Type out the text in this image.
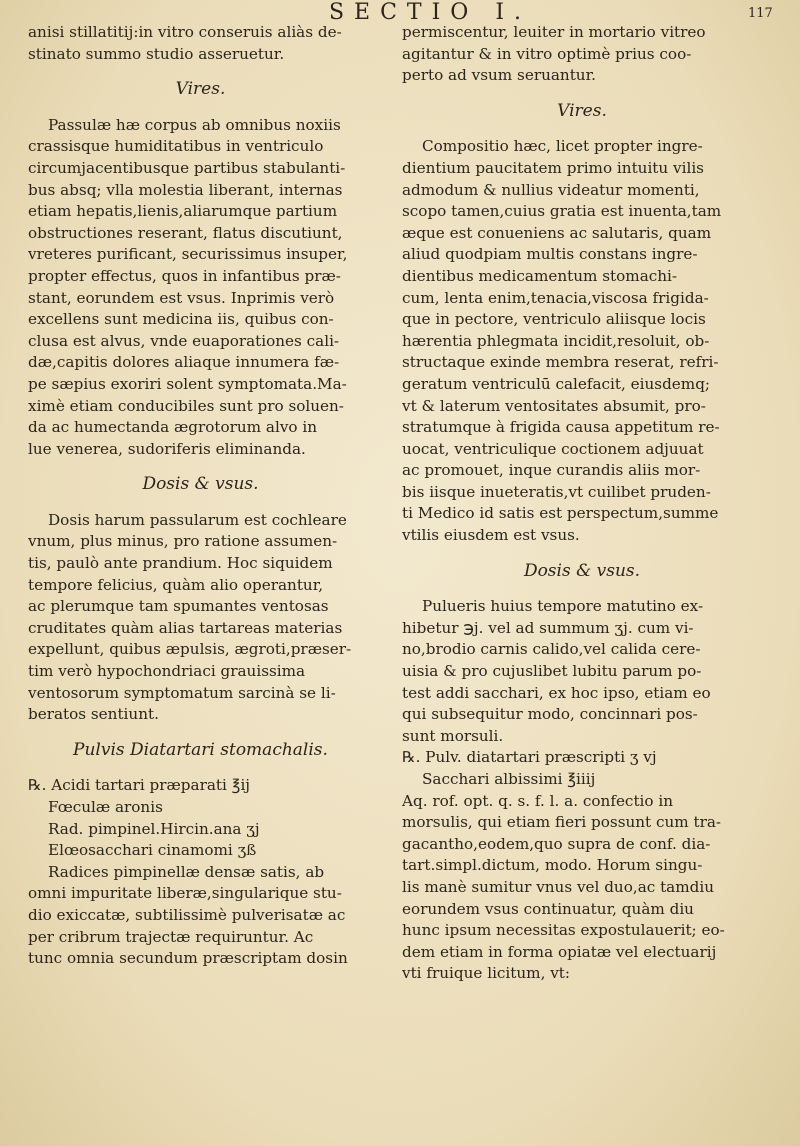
SECTIO I.	117
anisi stillatitij:in vitro conseruis aliàs de-
stinato summo studio asseruetur.
Vires.
Passulæ hæ corpus ab omnibus noxiis
crassisque humiditatibus in ventriculo
circumjacentibusque partibus stabulanti-
bus absq; vlla molestia liberant, internas
etiam hepatis,lienis,aliarumque partium
obstructiones reserant, flatus discutiunt,
vreteres purificant, securissimus insuper,
propter effectus, quos in infantibus præ-
stant, eorundem est vsus. Inprimis verò
excellens sunt medicina iis, quibus con-
clusa est alvus, vnde euaporationes cali-
dæ,capitis dolores aliaque innumera fæ-
pe sæpius exoriri solent symptomata.Ma-
ximè etiam conducibiles sunt pro soluen-
da ac humectanda ægrotorum alvo in
lue venerea, sudoriferis eliminanda.
Dosis & vsus.
Dosis harum passularum est cochleare
vnum, plus minus, pro ratione assumen-
tis, paulò ante prandium. Hoc siquidem
tempore felicius, quàm alio operantur,
ac plerumque tam spumantes ventosas
cruditates quàm alias tartareas materias
expellunt, quibus æpulsis, ægroti,præser-
tim verò hypochondriaci grauissima
ventosorum symptomatum sarcinà se li-
beratos sentiunt.
Pulvis Diatartari stomachalis.
℞. Acidi tartari præparati ℥ij
Fœculæ aronis
Rad. pimpinel.Hircin.ana ʒj
Elœosacchari cinamomi ʒß
Radices pimpinellæ densæ satis, ab
omni impuritate liberæ,singularique stu-
dio exiccatæ, subtilissimè pulverisatæ ac
per cribrum trajectæ requiruntur. Ac
tunc omnia secundum præscriptam dosin
permiscentur, leuiter in mortario vitreo
agitantur & in vitro optimè prius coo-
perto ad vsum seruantur.
Vires.
Compositio hæc, licet propter ingre-
dientium paucitatem primo intuitu vilis
admodum & nullius videatur momenti,
scopo tamen,cuius gratia est inuenta,tam
æque est conueniens ac salutaris, quam
aliud quodpiam multis constans ingre-
dientibus medicamentum stomachi-
cum, lenta enim,tenacia,viscosa frigida-
que in pectore, ventriculo aliisque locis
hærentia phlegmata incidit,resoluit, ob-
structaque exinde membra reserat, refri-
geratum ventriculū calefacit, eiusdemq;
vt & laterum ventositates absumit, pro-
stratumque à frigida causa appetitum re-
uocat, ventriculique coctionem adjuuat
ac promouet, inque curandis aliis mor-
bis iisque inueteratis,vt cuilibet pruden-
ti Medico id satis est perspectum,summe
vtilis eiusdem est vsus.
Dosis & vsus.
Pulueris huius tempore matutino ex-
hibetur ℈j. vel ad summum ʒj. cum vi-
no,brodio carnis calido,vel calida cere-
uisia & pro cujuslibet lubitu parum po-
test addi sacchari, ex hoc ipso, etiam eo
qui subsequitur modo, concinnari pos-
sunt morsuli.
℞. Pulv. diatartari præscripti ʒ vj
Sacchari albissimi ℥iiij
Aq. rof. opt. q. s. f. l. a. confectio in
morsulis, qui etiam fieri possunt cum tra-
gacantho,eodem,quo supra de conf. dia-
tart.simpl.dictum, modo. Horum singu-
lis manè sumitur vnus vel duo,ac tamdiu
eorundem vsus continuatur, quàm diu
hunc ipsum necessitas expostulauerit; eo-
dem etiam in forma opiatæ vel electuarij
vti fruique licitum, vt:
